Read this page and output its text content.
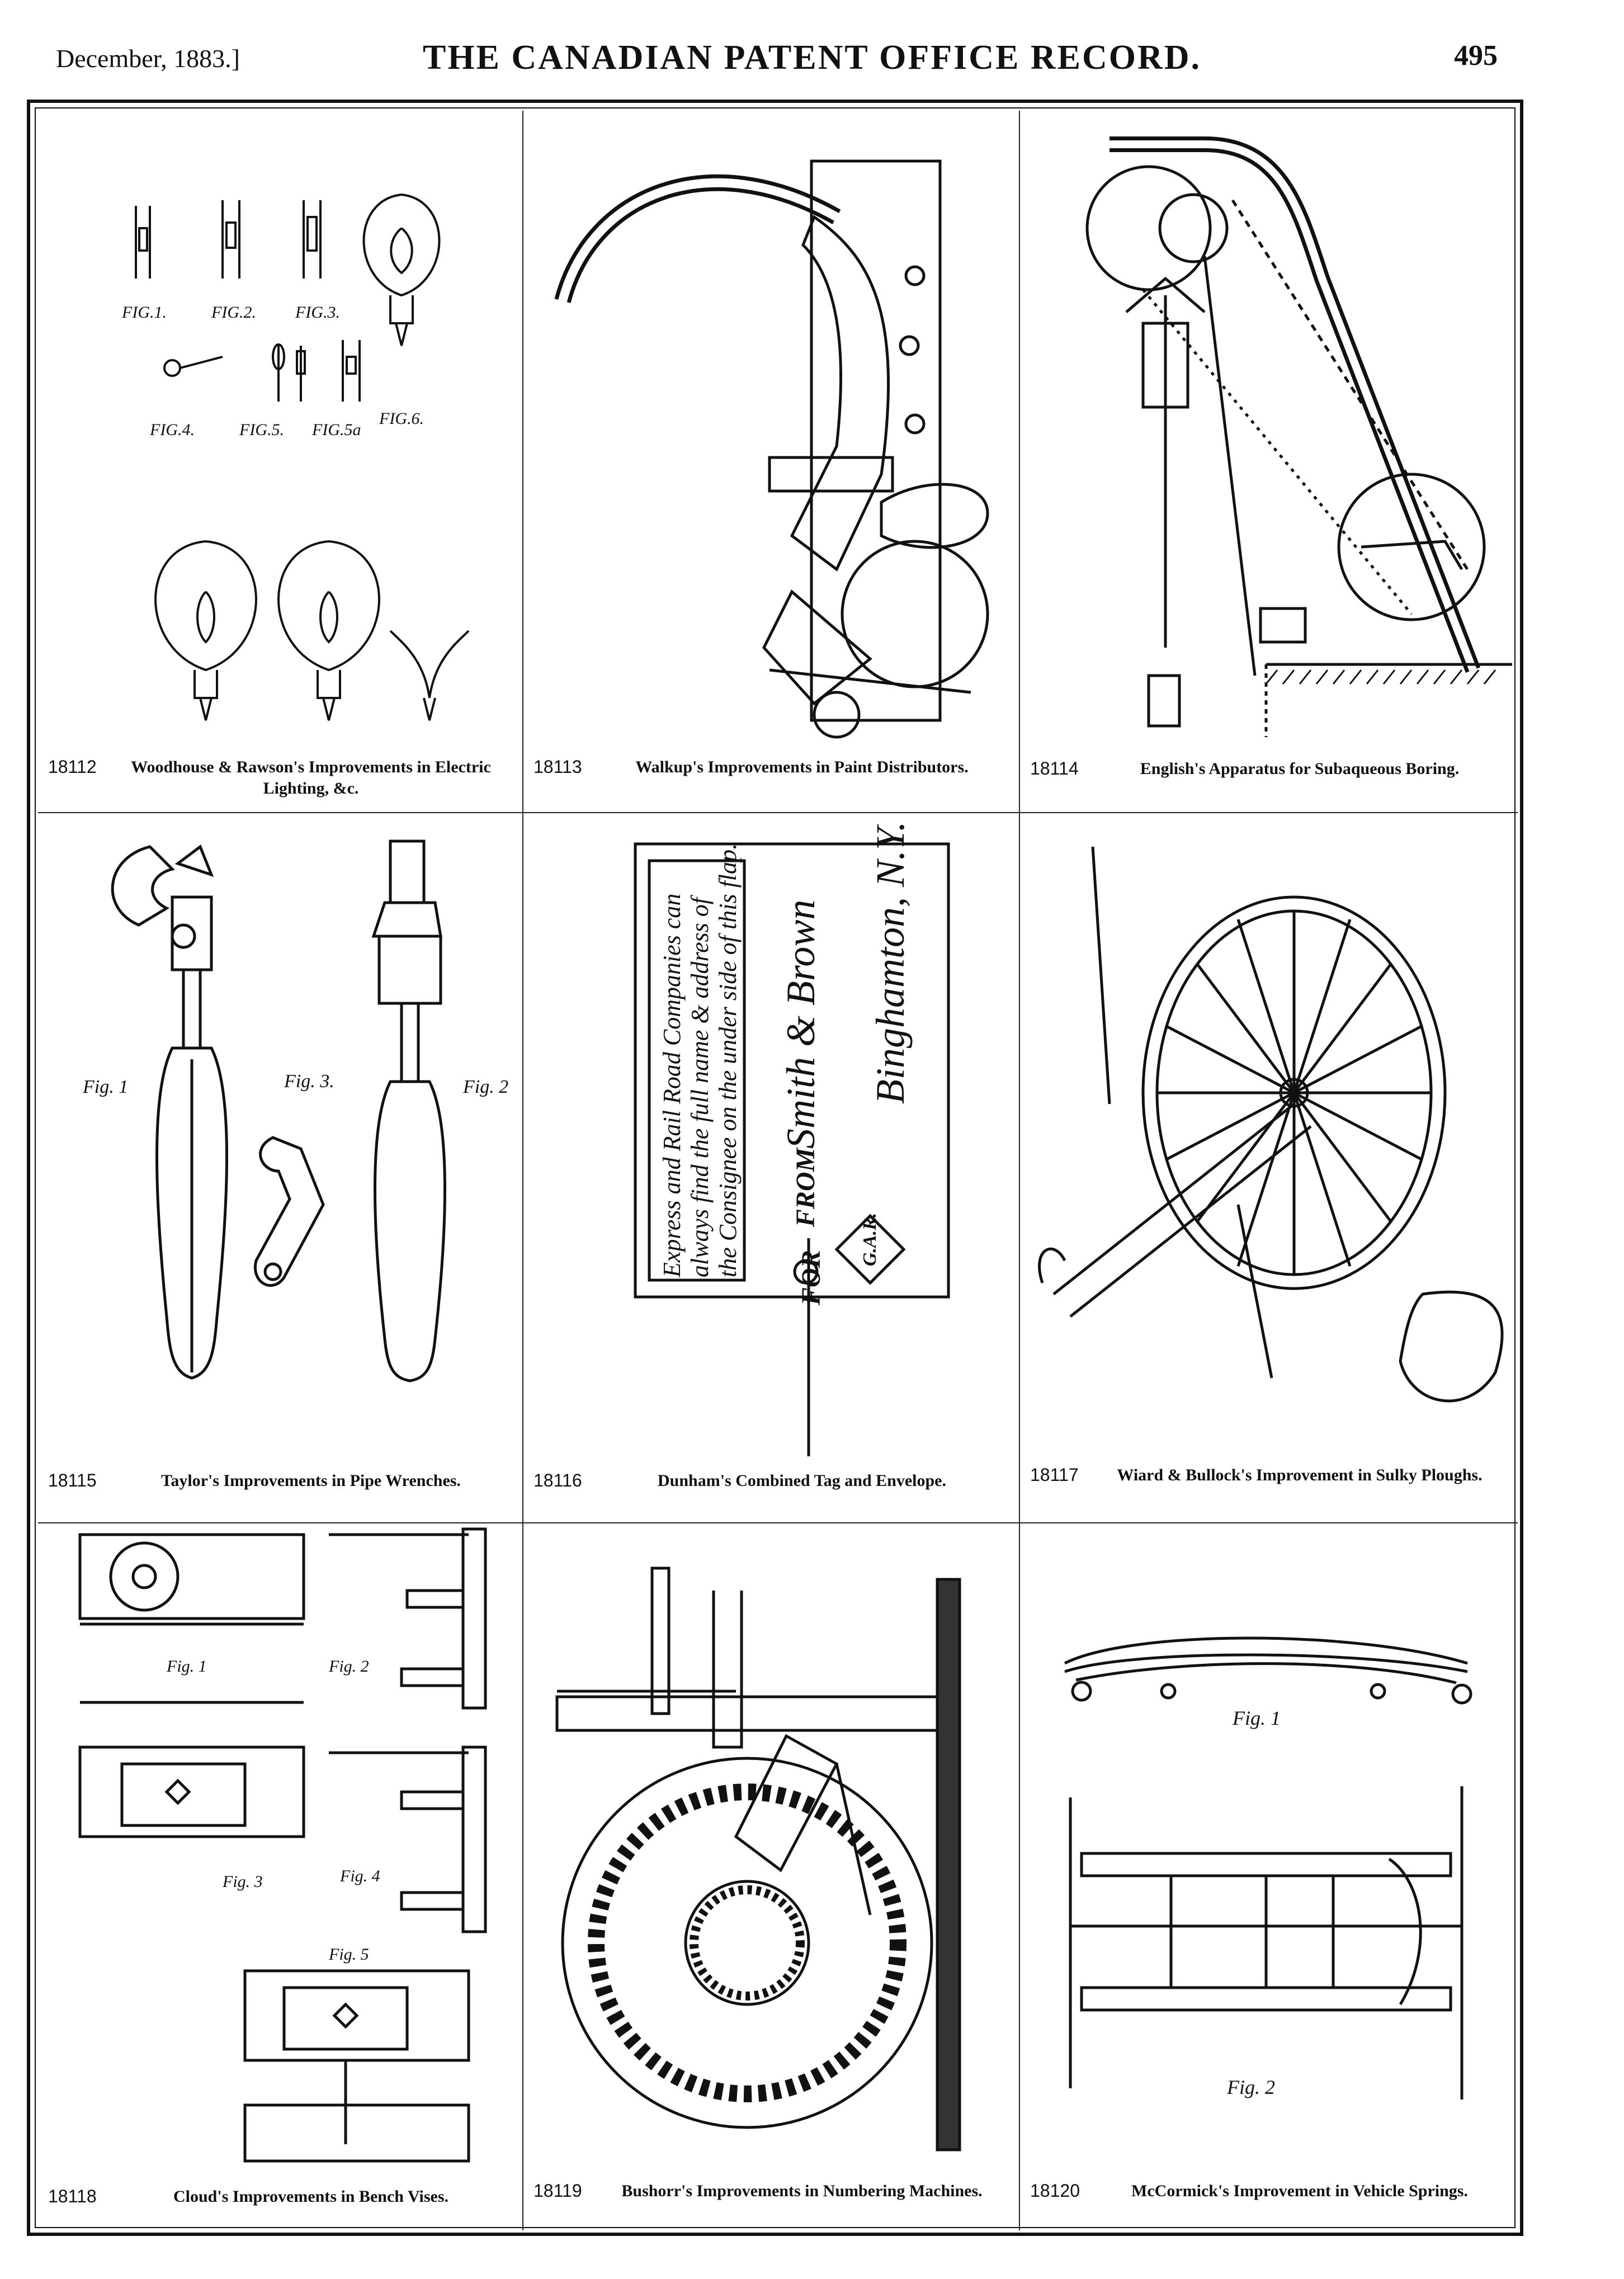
December, 1883.]	THE CANADIAN PATENT OFFICE RECORD.	495
FIG.1.	FIG.2. FIG.3.
FIG.4.	FIG.5. FIG.5a
FIG.6.
18112	Woodhouse & Rawson's Improvements in Electric Lighting, &c.
18113	Walkup's Improvements in Paint Distributors.	18114	English's Apparatus for Subaqueous Boring.
Fig. 1	Fig. 3.	Fig. 2
18115	Taylor's Improvements in Pipe Wrenches.
Express and Rail Road Companies can always find the full name & address of the Consignee on the under side of this flap. FROM
Smith & Brown Binghamton, N.Y.
FOR
G.A.R.
18116	Dunham's Combined Tag and Envelope.	18117	Wiard & Bullock's Improvement in Sulky Ploughs.
Fig. 1	Fig. 2
Fig. 3	Fig. 4
Fig. 5
18118	Cloud's Improvements in Bench Vises.	18119	Bushorr's Improvements in Numbering Machines.
Fig. 1
Fig. 2
18120	McCormick's Improvement in Vehicle Springs.
